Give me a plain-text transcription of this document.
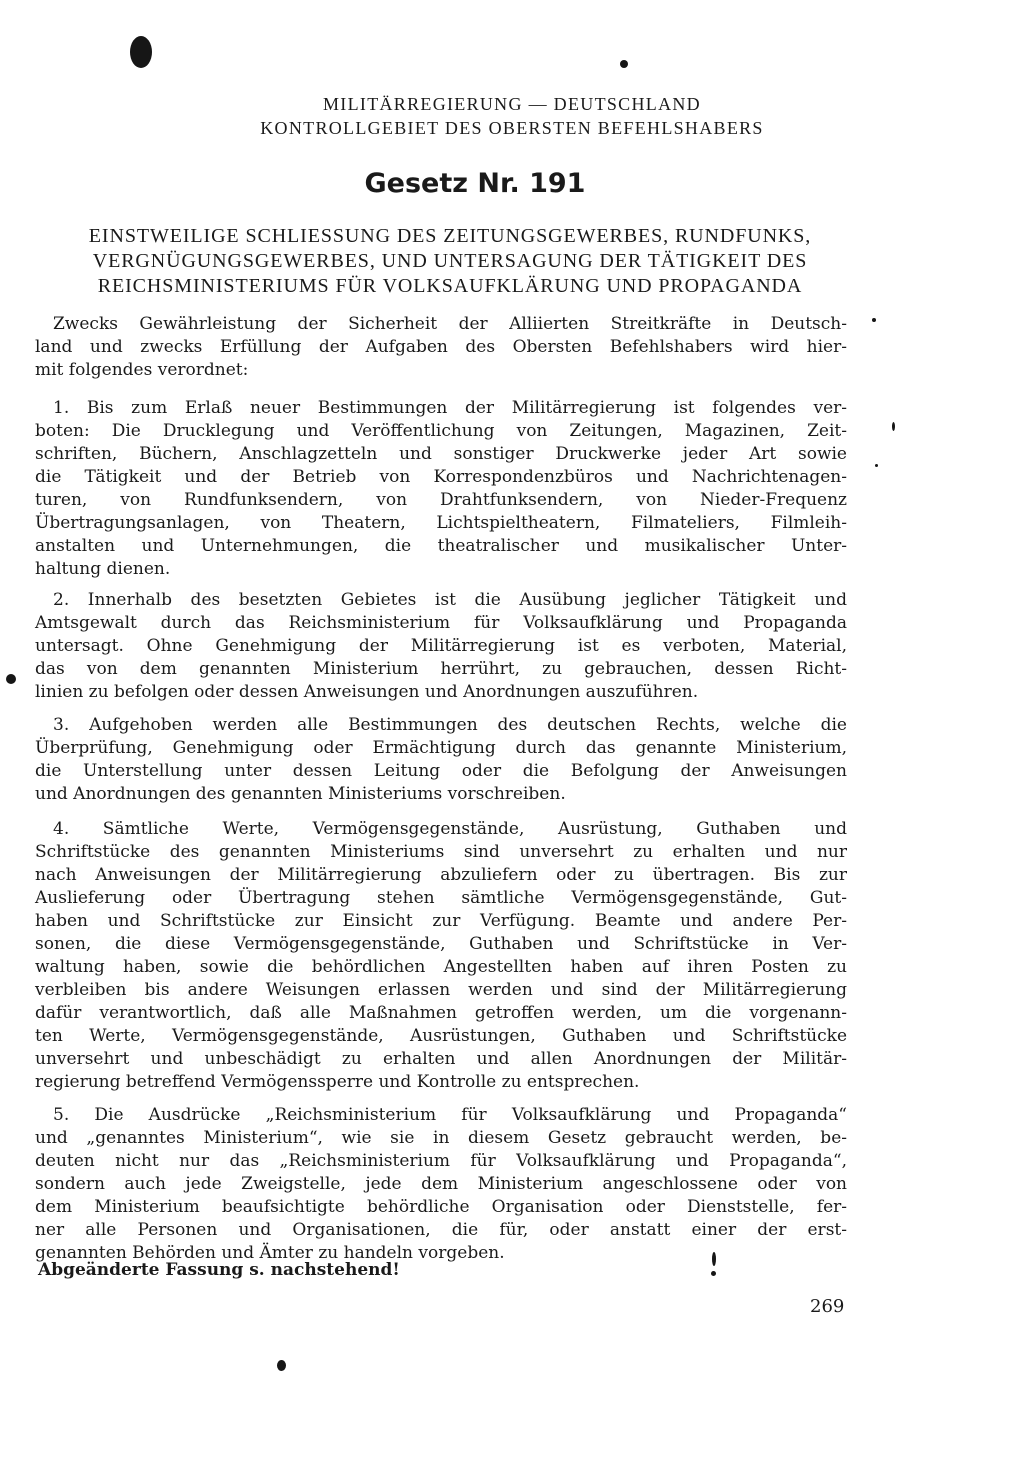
MILITÄRREGIERUNG — DEUTSCHLAND
KONTROLLGEBIET DES OBERSTEN BEFEHLSHABERS
Gesetz Nr. 191
EINSTWEILIGE SCHLIESSUNG DES ZEITUNGSGEWERBES, RUNDFUNKS,
VERGNÜGUNGSGEWERBES, UND UNTERSAGUNG DER TÄTIGKEIT DES
REICHSMINISTERIUMS FÜR VOLKSAUFKLÄRUNG UND PROPAGANDA
Zwecks Gewährleistung der Sicherheit der Alliierten Streitkräfte in Deutsch-
land und zwecks Erfüllung der Aufgaben des Obersten Befehlshabers wird hier-
mit folgendes verordnet:
1. Bis zum Erlaß neuer Bestimmungen der Militärregierung ist folgendes ver-
boten: Die Drucklegung und Veröffentlichung von Zeitungen, Magazinen, Zeit-
schriften, Büchern, Anschlagzetteln und sonstiger Druckwerke jeder Art sowie
die Tätigkeit und der Betrieb von Korrespondenzbüros und Nachrichtenagen-
turen, von Rundfunksendern, von Drahtfunksendern, von Nieder-Frequenz
Übertragungsanlagen, von Theatern, Lichtspieltheatern, Filmateliers, Filmleih-
anstalten und Unternehmungen, die theatralischer und musikalischer Unter-
haltung dienen.
2. Innerhalb des besetzten Gebietes ist die Ausübung jeglicher Tätigkeit und
Amtsgewalt durch das Reichsministerium für Volksaufklärung und Propaganda
untersagt. Ohne Genehmigung der Militärregierung ist es verboten, Material,
das von dem genannten Ministerium herrührt, zu gebrauchen, dessen Richt-
linien zu befolgen oder dessen Anweisungen und Anordnungen auszuführen.
3. Aufgehoben werden alle Bestimmungen des deutschen Rechts, welche die
Überprüfung, Genehmigung oder Ermächtigung durch das genannte Ministerium,
die Unterstellung unter dessen Leitung oder die Befolgung der Anweisungen
und Anordnungen des genannten Ministeriums vorschreiben.
4. Sämtliche Werte, Vermögensgegenstände, Ausrüstung, Guthaben und
Schriftstücke des genannten Ministeriums sind unversehrt zu erhalten und nur
nach Anweisungen der Militärregierung abzuliefern oder zu übertragen. Bis zur
Auslieferung oder Übertragung stehen sämtliche Vermögensgegenstände, Gut-
haben und Schriftstücke zur Einsicht zur Verfügung. Beamte und andere Per-
sonen, die diese Vermögensgegenstände, Guthaben und Schriftstücke in Ver-
waltung haben, sowie die behördlichen Angestellten haben auf ihren Posten zu
verbleiben bis andere Weisungen erlassen werden und sind der Militärregierung
dafür verantwortlich, daß alle Maßnahmen getroffen werden, um die vorgenann-
ten Werte, Vermögensgegenstände, Ausrüstungen, Guthaben und Schriftstücke
unversehrt und unbeschädigt zu erhalten und allen Anordnungen der Militär-
regierung betreffend Vermögenssperre und Kontrolle zu entsprechen.
5. Die Ausdrücke „Reichsministerium für Volksaufklärung und Propaganda“
und „genanntes Ministerium“, wie sie in diesem Gesetz gebraucht werden, be-
deuten nicht nur das „Reichsministerium für Volksaufklärung und Propaganda“,
sondern auch jede Zweigstelle, jede dem Ministerium angeschlossene oder von
dem Ministerium beaufsichtigte behördliche Organisation oder Dienststelle, fer-
ner alle Personen und Organisationen, die für, oder anstatt einer der erst-
genannten Behörden und Ämter zu handeln vorgeben.
Abgeänderte Fassung s. nachstehend!
269
